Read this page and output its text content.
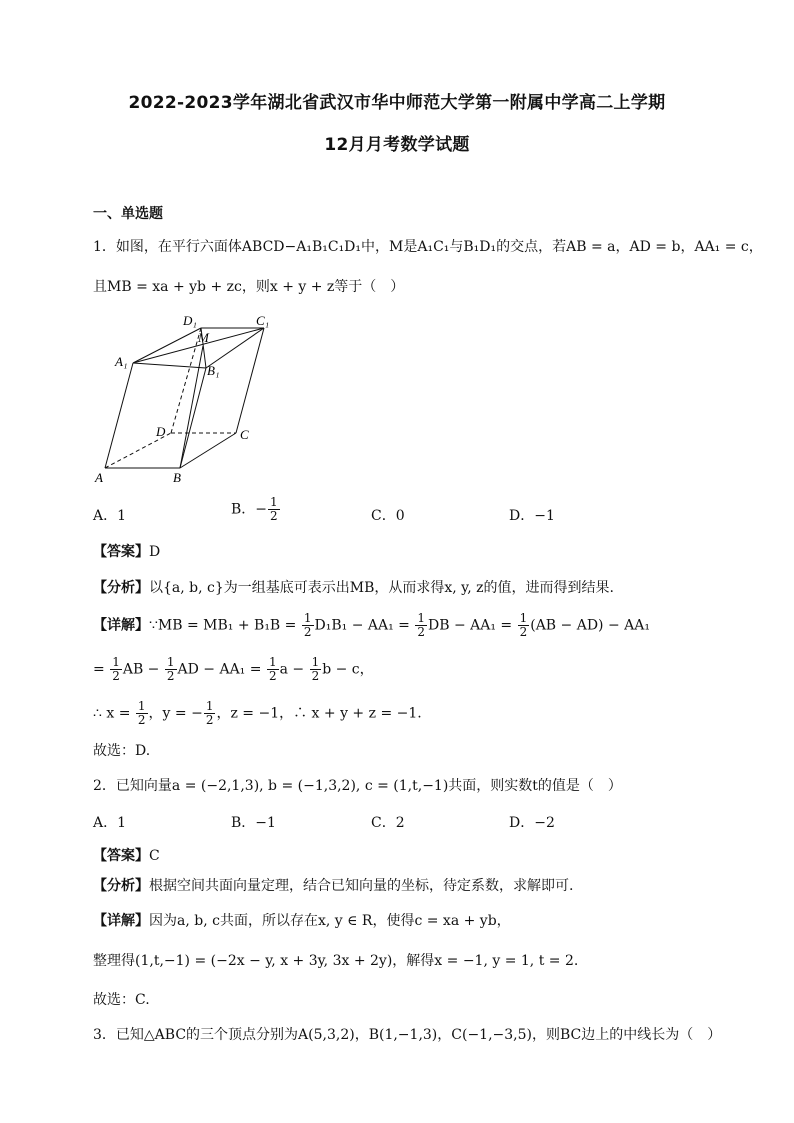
2022-2023学年湖北省武汉市华中师范大学第一附属中学高二上学期
12月月考数学试题
一、单选题
1．如图，在平行六面体ABCD−A₁B₁C₁D₁中，M是A₁C₁与B₁D₁的交点，若AB = a，AD = b，AA₁ = c，
且MB = xa + yb + zc，则x + y + z等于（　）
D₁	C₁
M
A₁
B₁
D	C
A	B
A．1	B．− $\frac{1}{2}$	C．0	D．−1
【答案】D
【分析】以{a, b, c}为一组基底可表示出MB，从而求得x, y, z的值，进而得到结果.
【详解】∵MB = $MB_1 + B_1B = \frac{1}{2} D_1B_1 - AA_1 = \frac{1}{2}$ DB − $AA_1 = \frac{1}{2} (AB - AD) - AA_1$
= $\frac{1}{2}$ AB − $\frac{1}{2}$ AD − $AA_1 = \frac{1}{2}$ $a - \frac{1}{2}$ b − c，
∴ $x = \frac{1}{2}$ ，y = − $\frac{1}{2}$ ，z = −1，∴ x + y + z = −1.
故选：D.
2．已知向量a = (−2,1,3), b = (−1,3,2), c = (1,t,−1)共面，则实数t的值是（　）
A．1	B．−1	C．2	D．−2
【答案】C
【分析】根据空间共面向量定理，结合已知向量的坐标，待定系数，求解即可.
【详解】因为a, b, c共面，所以存在x, y ∈ R，使得c = xa + yb，
整理得(1,t,−1) = (−2x − y, x + 3y, 3x + 2y)，解得x = −1, y = 1, t = 2.
故选：C.
3．已知△ABC的三个顶点分别为A(5,3,2)，B(1,−1,3)，C(−1,−3,5)，则BC边上的中线长为（　）
